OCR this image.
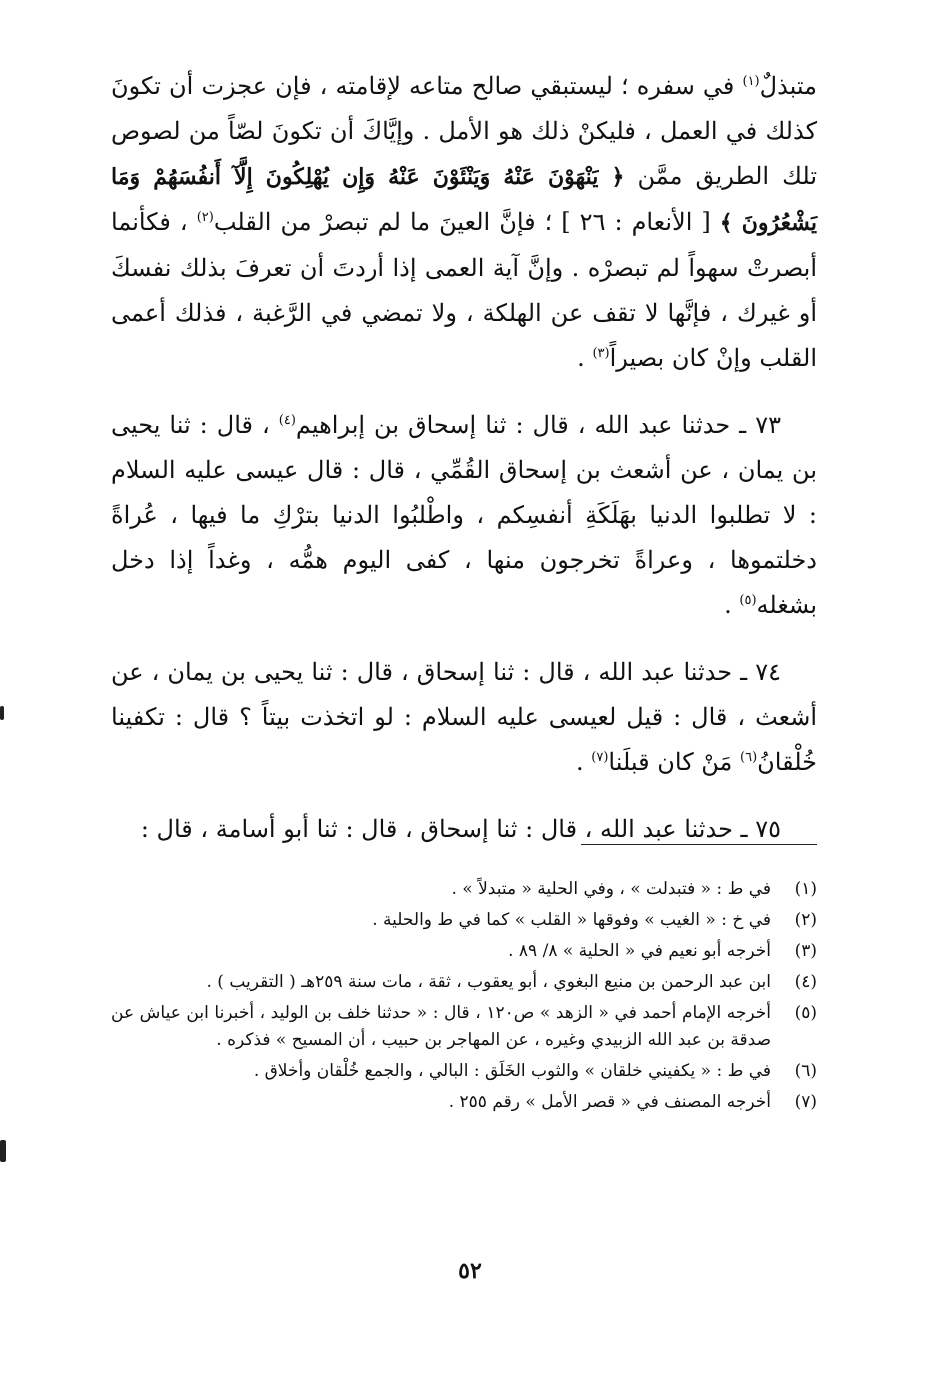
متبذلٌ$^{(١)}$ في سفره ؛ ليستبقي صالح متاعه لإقامته ، فإن عجزت أن تكونَ كذلك في العمل ، فليكنْ ذلك هو الأمل . وإيَّاكَ أن تكونَ لصّاً من لصوص تلك الطريق ممَّن ﴿ يَنْهَوْنَ عَنْهُ وَيَنْئَوْنَ عَنْهُ وَإِن يُهْلِكُونَ إِلَّآ أَنفُسَهُمْ وَمَا يَشْعُرُونَ ﴾ [ الأنعام : ٢٦ ] ؛ فإنَّ العينَ ما لم تبصرْ من القلب$^{(٢)}$ ، فكأنما أبصرتْ سهواً لم تبصرْه . وإنَّ آية العمى إذا أردتَ أن تعرفَ بذلك نفسكَ أو غيرك ، فإنَّها لا تقف عن الهلكة ، ولا تمضي في الرَّغبة ، فذلك أعمى القلب وإنْ كان بصيراً$^{(٣)}$ .

٧٣ ـ حدثنا عبد الله ، قال : ثنا إسحاق بن إبراهيم$^{(٤)}$ ، قال : ثنا يحيى بن يمان ، عن أشعث بن إسحاق القُمِّي ، قال : قال عيسى عليه السلام : لا تطلبوا الدنيا بهَلَكَةِ أنفسِكم ، واطْلبُوا الدنيا بترْكِ ما فيها ، عُراةً دخلتموها ، وعراةً تخرجون منها ، كفى اليوم همُّه ، وغداً إذا دخل بشغله$^{(٥)}$ .

٧٤ ـ حدثنا عبد الله ، قال : ثنا إسحاق ، قال : ثنا يحيى بن يمان ، عن أشعث ، قال : قيل لعيسى عليه السلام : لو اتخذت بيتاً ؟ قال : تكفينا خُلْقانُ$^{(٦)}$ مَنْ كان قبلَنا$^{(٧)}$ .

٧٥ ـ حدثنا عبد الله ، قال : ثنا إسحاق ، قال : ثنا أبو أسامة ، قال :

(١)
في ط : « فتبدلت » ، وفي الحلية « متبدلاً » .
(٢)
في خ : « الغيب » وفوقها « القلب » كما في ط والحلية .
(٣)
أخرجه أبو نعيم في « الحلية » ٨/ ٨٩ .
(٤)
ابن عبد الرحمن بن منيع البغوي ، أبو يعقوب ، ثقة ، مات سنة ٢٥٩هـ ( التقريب ) .
(٥)
أخرجه الإمام أحمد في « الزهد » ص١٢٠ ، قال : « حدثنا خلف بن الوليد ، أخبرنا ابن عياش عن صدقة بن عبد الله الزبيدي وغيره ، عن المهاجر بن حبيب ، أن المسيح » فذكره .
(٦)
في ط : « يكفيني خلقان » والثوب الخَلَق : البالي ، والجمع خُلْقان وأخلاق .
(٧)
أخرجه المصنف في « قصر الأمل » رقم ٢٥٥ .
٥٢
